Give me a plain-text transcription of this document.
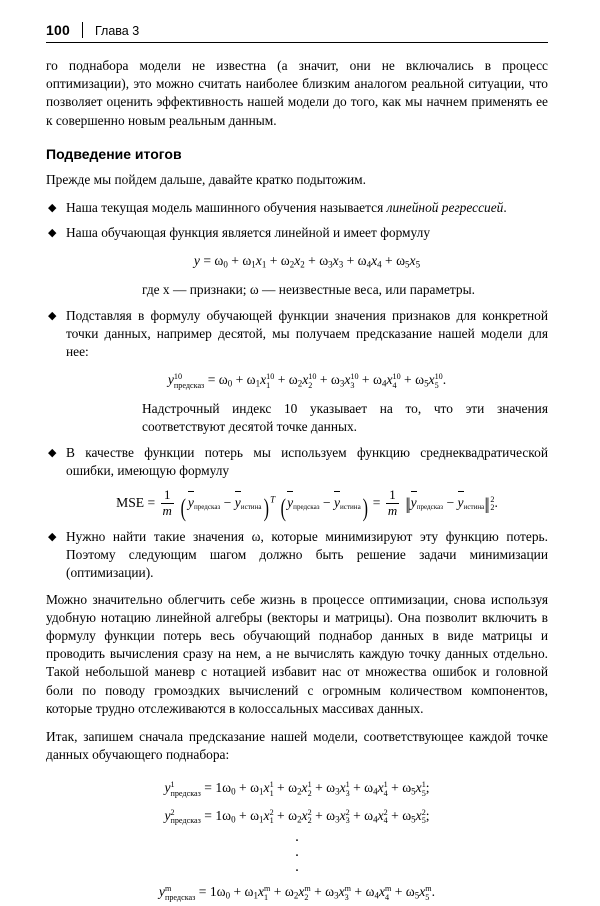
100 Глава 3

го поднабора модели не известна (а значит, они не включались в процесс оптимизации), это можно считать наиболее близким аналогом реальной ситуации, что позволяет оценить эффективность нашей модели до того, как мы начнем применять ее к совершенно новым реальным данным.

Подведение итогов

Прежде мы пойдем дальше, давайте кратко подытожим.

◆ Наша текущая модель машинного обучения называется линейной регрессией.
◆ Наша обучающая функция является линейной и имеет формулу
$y = \omega_0 + \omega_1x_1 + \omega_2x_2 + \omega_3x_3 + \omega_4x_4 + \omega_5x_5$
где x — признаки; ω — неизвестные веса, или параметры.
◆ Подставляя в формулу обучающей функции значения признаков для конкретной точки данных, например десятой, мы получаем предсказание нашей модели для нее:
y 10
предсказ = $\omega_0 + \omega_1x$ 10
$1 + \omega_2x$ 10
$2 + \omega_3x$ 10
$3 + \omega_4x$ 10
$4 + \omega_5x$ 10
5 .
Надстрочный индекс 10 указывает на то, что эти значения соответствуют десятой точке данных.
◆ В качестве функции потерь мы используем функцию среднеквадратической ошибки, имеющую формулу
MSE = $\frac{1}{m}$ ( yпредсказ −
yистина) $^T$ ( yпредсказ −
yистина) = $\frac{1}{m}$ ‖
yпредсказ −
yистина‖ 2
2 .
◆ Нужно найти такие значения ω, которые минимизируют эту функцию потерь. Поэтому следующим шагом должно быть решение задачи минимизации (оптимизации).

Можно значительно облегчить себе жизнь в процессе оптимизации, снова используя удобную нотацию линейной алгебры (векторы и матрицы). Она позволит включить в формулу функции потерь весь обучающий поднабор данных в виде матрицы и проводить вычисления сразу на нем, а не вычислять каждую точку данных отдельно. Такой небольшой маневр с нотацией избавит нас от множества ошибок и головной боли по поводу громоздких вычислений с огромным количеством компонентов, которые трудно отслеживаются в колоссальных массивах данных.

Итак, запишем сначала предсказание нашей модели, соответствующее каждой точке данных обучающего поднабора:

y 1
предсказ = $1\omega_0 + \omega_1x$ 1
$1 + \omega_2x$ 1
$2 + \omega_3x$ 1
$3 + \omega_4x$ 1
$4 + \omega_5x$ 1
5 ;
y 2
предсказ = $1\omega_0 + \omega_1x$ 2
$1 + \omega_2x$ 2
$2 + \omega_3x$ 2
$3 + \omega_4x$ 2
$4 + \omega_5x$ 2
5 ;
.
.
.
y m
предсказ = $1\omega_0 + \omega_1x$ m
$1 + \omega_2x$ m
$2 + \omega_3x$ m
$3 + \omega_4x$ m
$4 + \omega_5x$ m
5 .
